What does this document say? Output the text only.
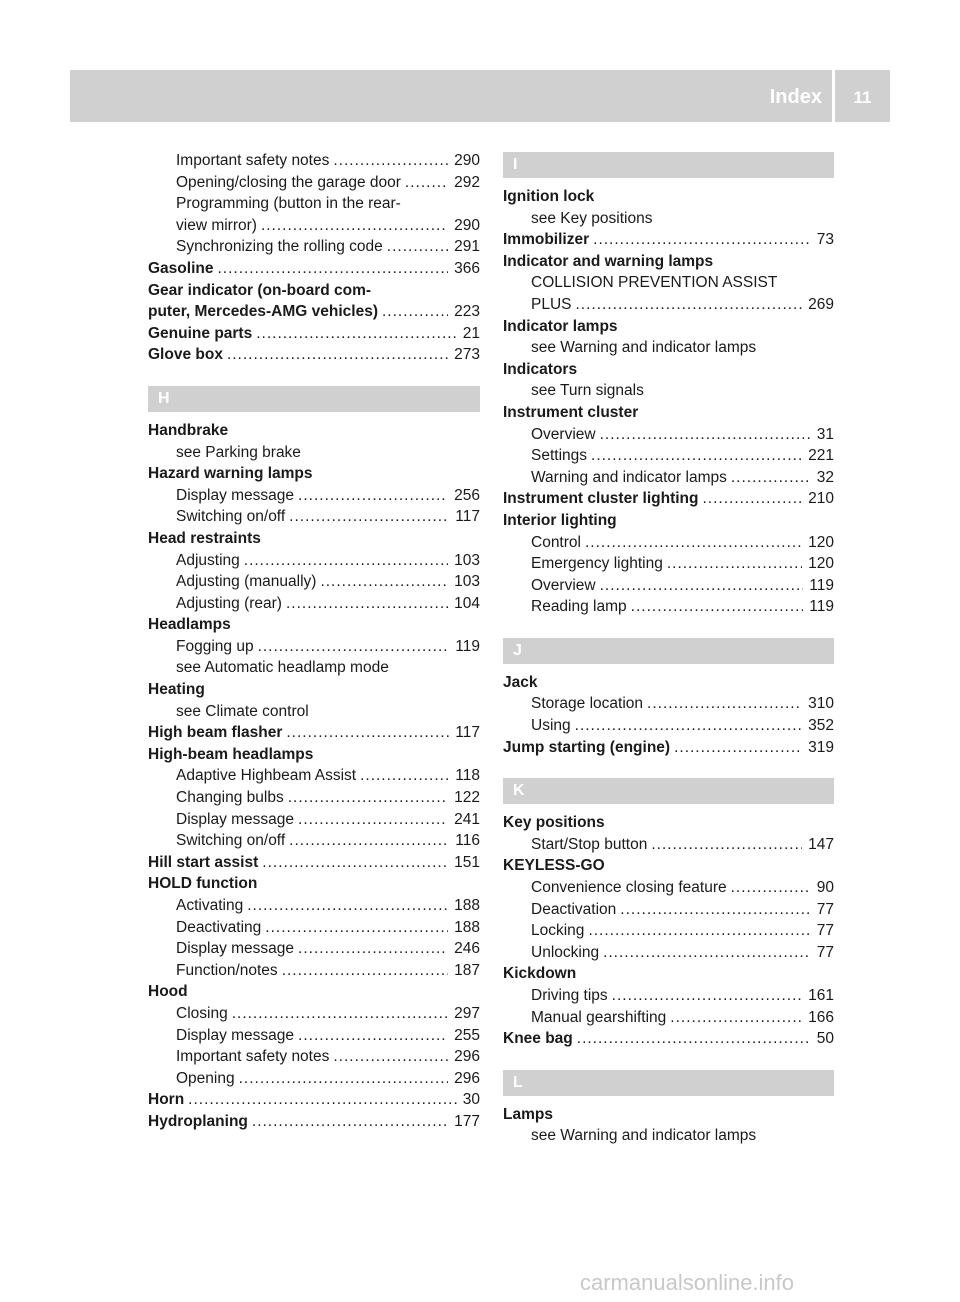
Index	11
Important safety notes .....	290
Opening/closing the garage door .....	292
Programming (button in the rear-
view mirror) .....	290
Synchronizing the rolling code .....	291
Gasoline .....	366
Gear indicator (on-board com-
puter, Mercedes-AMG vehicles) .....	223
Genuine parts .....	21
Glove box .....	273
H
Handbrake
see Parking brake
Hazard warning lamps
Display message .....	256
Switching on/off .....	117
Head restraints
Adjusting .....	103
Adjusting (manually) .....	103
Adjusting (rear) .....	104
Headlamps
Fogging up .....	119
see Automatic headlamp mode
Heating
see Climate control
High beam flasher .....	117
High-beam headlamps
Adaptive Highbeam Assist .....	118
Changing bulbs .....	122
Display message .....	241
Switching on/off .....	116
Hill start assist .....	151
HOLD function
Activating .....	188
Deactivating .....	188
Display message .....	246
Function/notes .....	187
Hood
Closing .....	297
Display message .....	255
Important safety notes .....	296
Opening .....	296
Horn .....	30
Hydroplaning .....	177
I
Ignition lock
see Key positions
Immobilizer .....	73
Indicator and warning lamps
COLLISION PREVENTION ASSIST
PLUS .....	269
Indicator lamps
see Warning and indicator lamps
Indicators
see Turn signals
Instrument cluster
Overview .....	31
Settings .....	221
Warning and indicator lamps .....	32
Instrument cluster lighting .....	210
Interior lighting
Control .....	120
Emergency lighting .....	120
Overview .....	119
Reading lamp .....	119
J
Jack
Storage location .....	310
Using .....	352
Jump starting (engine) .....	319
K
Key positions
Start/Stop button .....	147
KEYLESS-GO
Convenience closing feature .....	90
Deactivation .....	77
Locking .....	77
Unlocking .....	77
Kickdown
Driving tips .....	161
Manual gearshifting .....	166
Knee bag .....	50
L
Lamps
see Warning and indicator lamps
carmanualsonline.info
